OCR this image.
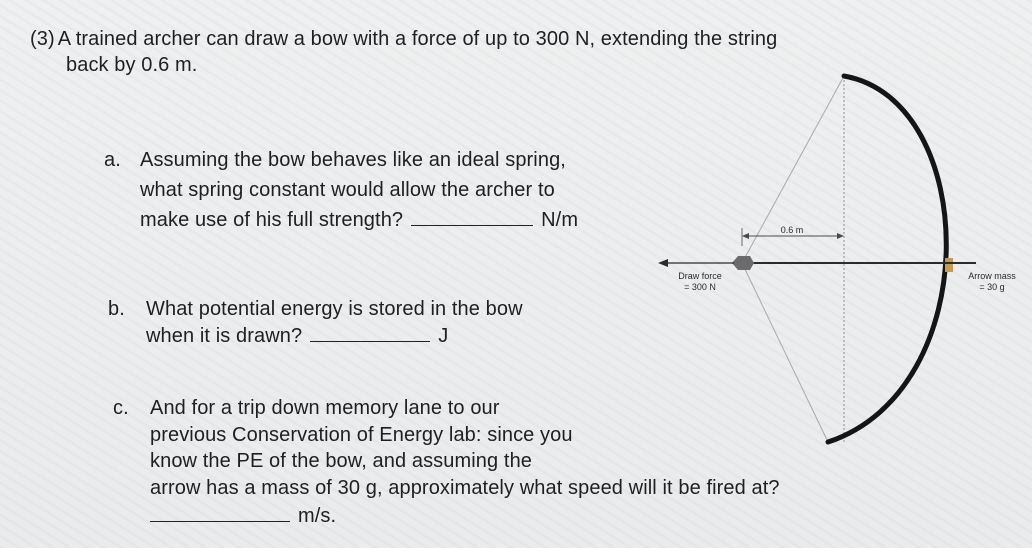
(3) A trained archer can draw a bow with a force of up to 300 N, extending the string
back by 0.6 m.
a. Assuming the bow behaves like an ideal spring,
what spring constant would allow the archer to
make use of his full strength?	N/m
b. What potential energy is stored in the bow
when it is drawn?	J
c. And for a trip down memory lane to our
previous Conservation of Energy lab: since you
know the PE of the bow, and assuming the
arrow has a mass of 30 g, approximately what speed will it be fired at?
m/s.
0.6 m
Draw force
= 300 N
Arrow mass
= 30 g
